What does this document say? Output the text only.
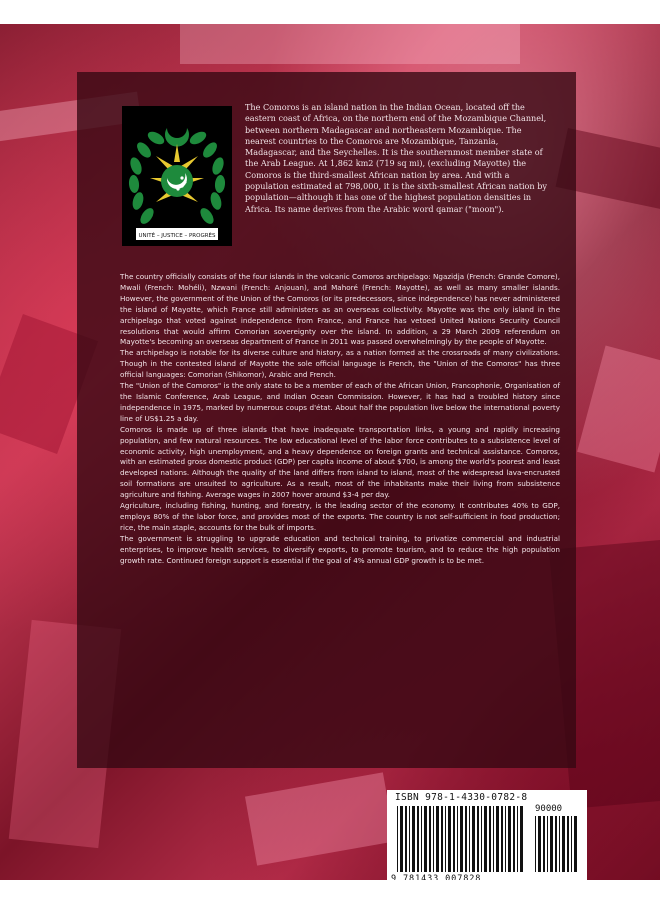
UNITÉ – JUSTICE – PROGRÈS

The Comoros is an island nation in the Indian Ocean, located off the eastern coast of Africa, on the northern end of the Mozambique Channel, between northern Madagascar and northeastern Mozambique. The nearest countries to the Comoros are Mozambique, Tanzania, Madagascar, and the Seychelles. It is the southernmost member state of the Arab League. At 1,862 km2 (719 sq mi), (excluding Mayotte) the Comoros is the third-smallest African nation by area. And with a population estimated at 798,000, it is the sixth-smallest African nation by population—although it has one of the highest population densities in Africa. Its name derives from the Arabic word qamar ("moon").

The country officially consists of the four islands in the volcanic Comoros archipelago: Ngazidja (French: Grande Comore), Mwali (French: Mohéli), Nzwani (French: Anjouan), and Mahoré (French: Mayotte), as well as many smaller islands. However, the government of the Union of the Comoros (or its predecessors, since independence) has never administered the island of Mayotte, which France still administers as an overseas collectivity. Mayotte was the only island in the archipelago that voted against independence from France, and France has vetoed United Nations Security Council resolutions that would affirm Comorian sovereignty over the island. In addition, a 29 March 2009 referendum on Mayotte's becoming an overseas department of France in 2011 was passed overwhelmingly by the people of Mayotte.

The archipelago is notable for its diverse culture and history, as a nation formed at the crossroads of many civilizations. Though in the contested island of Mayotte the sole official language is French, the "Union of the Comoros" has three official languages: Comorian (Shikomor), Arabic and French.

The "Union of the Comoros" is the only state to be a member of each of the African Union, Francophonie, Organisation of the Islamic Conference, Arab League, and Indian Ocean Commission. However, it has had a troubled history since independence in 1975, marked by numerous coups d'état. About half the population live below the international poverty line of US$1.25 a day.

Comoros is made up of three islands that have inadequate transportation links, a young and rapidly increasing population, and few natural resources. The low educational level of the labor force contributes to a subsistence level of economic activity, high unemployment, and a heavy dependence on foreign grants and technical assistance. Comoros, with an estimated gross domestic product (GDP) per capita income of about $700, is among the world's poorest and least developed nations. Although the quality of the land differs from island to island, most of the widespread lava-encrusted soil formations are unsuited to agriculture. As a result, most of the inhabitants make their living from subsistence agriculture and fishing. Average wages in 2007 hover around $3-4 per day.

Agriculture, including fishing, hunting, and forestry, is the leading sector of the economy. It contributes 40% to GDP, employs 80% of the labor force, and provides most of the exports. The country is not self-sufficient in food production; rice, the main staple, accounts for the bulk of imports.

The government is struggling to upgrade education and technical training, to privatize commercial and industrial enterprises, to improve health services, to diversify exports, to promote tourism, and to reduce the high population growth rate. Continued foreign support is essential if the goal of 4% annual GDP growth is to be met.

ISBN 978-1-4330-0782-8
90000
9 781433 007828
